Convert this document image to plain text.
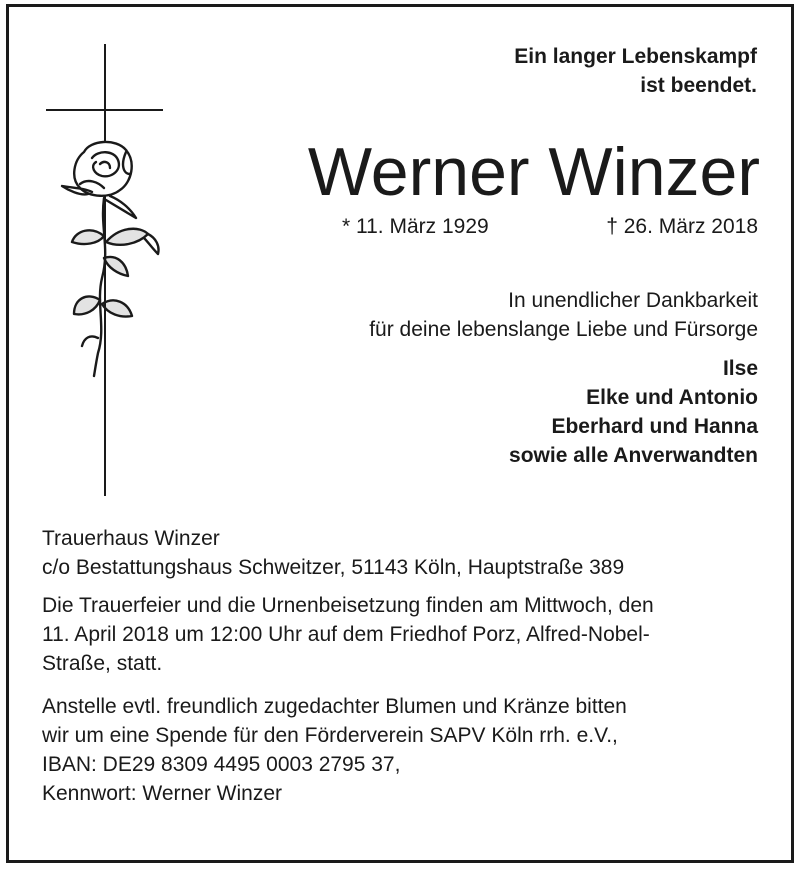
Ein langer Lebenskampf
ist beendet.
Werner Winzer
* 11. März 1929	† 26. März 2018
In unendlicher Dankbarkeit
für deine lebenslange Liebe und Fürsorge
Ilse
Elke und Antonio
Eberhard und Hanna
sowie alle Anverwandten

Trauerhaus Winzer

c/o Bestattungshaus Schweitzer, 51143 Köln, Hauptstraße 389

Die Trauerfeier und die Urnenbeisetzung finden am Mittwoch, den

11. April 2018 um 12:00 Uhr auf dem Friedhof Porz, Alfred-Nobel-

Straße, statt.

Anstelle evtl. freundlich zugedachter Blumen und Kränze bitten

wir um eine Spende für den Förderverein SAPV Köln rrh. e.V.,

IBAN: DE29 8309 4495 0003 2795 37,

Kennwort: Werner Winzer
